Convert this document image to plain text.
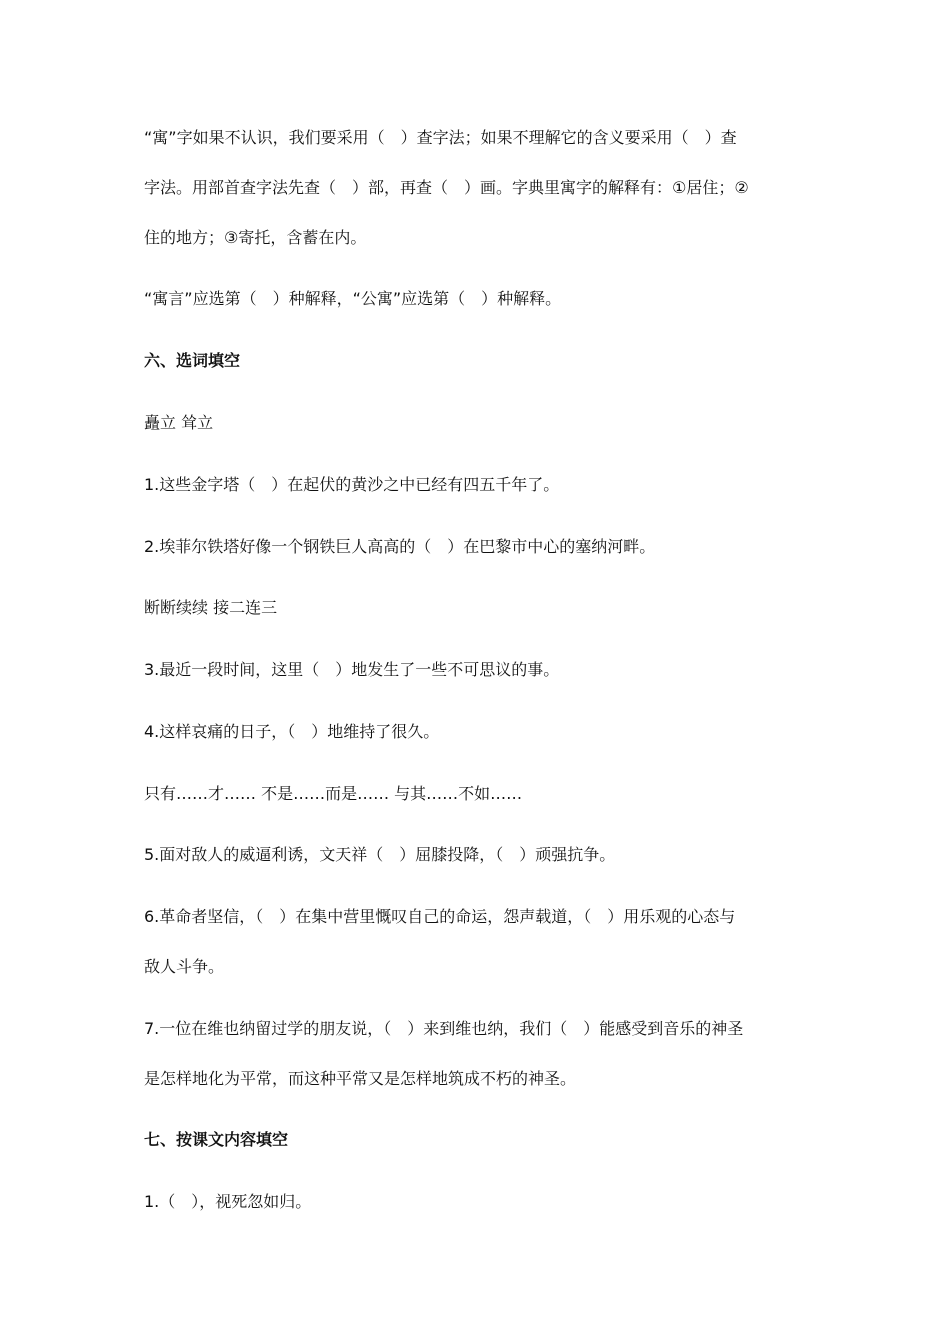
“寓”字如果不认识，我们要采用（　）查字法；如果不理解它的含义要采用（　）查
字法。用部首查字法先查（　）部，再查（　）画。字典里寓字的解释有：①居住；②
住的地方；③寄托，含蓄在内。
“寓言”应选第（　）种解释，“公寓”应选第（　）种解释。
六、选词填空
矗立 耸立
1.这些金字塔（　）在起伏的黄沙之中已经有四五千年了。
2.埃菲尔铁塔好像一个钢铁巨人高高的（　）在巴黎市中心的塞纳河畔。
断断续续 接二连三
3.最近一段时间，这里（　）地发生了一些不可思议的事。
4.这样哀痛的日子，（　）地维持了很久。
只有……才…… 不是……而是…… 与其……不如……
5.面对敌人的威逼利诱，文天祥（　）屈膝投降，（　）顽强抗争。
6.革命者坚信，（　）在集中营里慨叹自己的命运，怨声载道，（　）用乐观的心态与
敌人斗争。
7.一位在维也纳留过学的朋友说，（　）来到维也纳，我们（　）能感受到音乐的神圣
是怎样地化为平常，而这种平常又是怎样地筑成不朽的神圣。
七、按课文内容填空
1.（　），视死忽如归。
